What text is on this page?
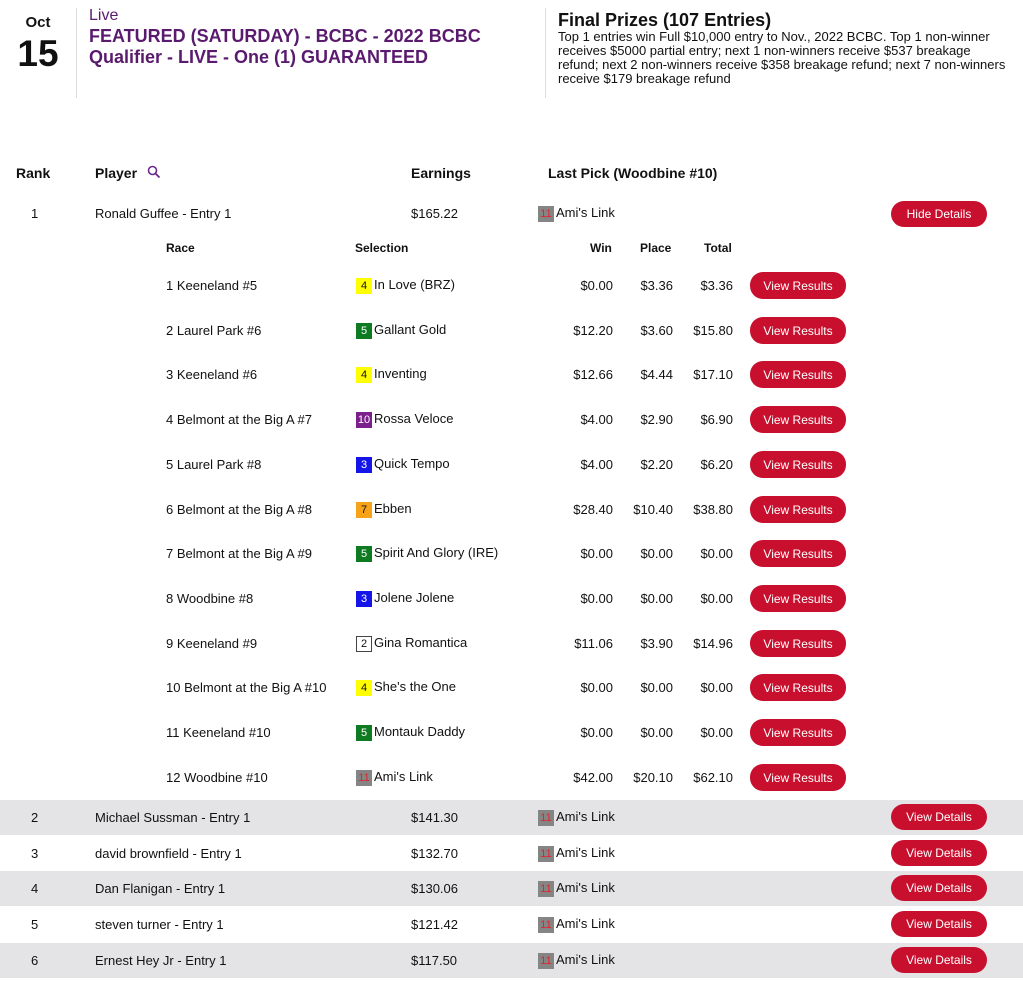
Oct
15
Live
FEATURED (SATURDAY) - BCBC - 2022 BCBC Qualifier - LIVE - One (1) GUARANTEED
Final Prizes (107 Entries)
Top 1 entries win Full $10,000 entry to Nov., 2022 BCBC. Top 1 non-winner receives $5000 partial entry; next 1 non-winners receive $537 breakage refund; next 2 non-winners receive $358 breakage refund; next 7 non-winners receive $179 breakage refund
Rank	Player	Earnings	Last Pick (Woodbine #10)
1	Ronald Guffee - Entry 1	$165.22	11 Ami's Link	Hide Details
Race	Selection	Win Place	Total
1 Keeneland #5	4 In Love (BRZ)	$0.00 $3.36 $3.36	View Results
2 Laurel Park #6	5 Gallant Gold	$12.20 $3.60 $15.80	View Results
3 Keeneland #6	4 Inventing	$12.66 $4.44 $17.10	View Results
4 Belmont at the Big A #7	10 Rossa Veloce	$4.00 $2.90 $6.90	View Results
5 Laurel Park #8	3 Quick Tempo	$4.00 $2.20 $6.20	View Results
6 Belmont at the Big A #8	7 Ebben	$28.40 $10.40 $38.80	View Results
7 Belmont at the Big A #9	5 Spirit And Glory (IRE)	$0.00 $0.00 $0.00	View Results
8 Woodbine #8	3 Jolene Jolene	$0.00 $0.00 $0.00	View Results
9 Keeneland #9	2 Gina Romantica	$11.06 $3.90 $14.96	View Results
10 Belmont at the Big A #10	4 She's the One	$0.00 $0.00 $0.00	View Results
11 Keeneland #10	5 Montauk Daddy	$0.00 $0.00 $0.00	View Results
12 Woodbine #10	11 Ami's Link	$42.00 $20.10 $62.10	View Results
2	Michael Sussman - Entry 1	$141.30	11 Ami's Link	View Details
3	david brownfield - Entry 1	$132.70	11 Ami's Link	View Details
4	Dan Flanigan - Entry 1	$130.06	11 Ami's Link	View Details
5	steven turner - Entry 1	$121.42	11 Ami's Link	View Details
6	Ernest Hey Jr - Entry 1	$117.50	11 Ami's Link	View Details
